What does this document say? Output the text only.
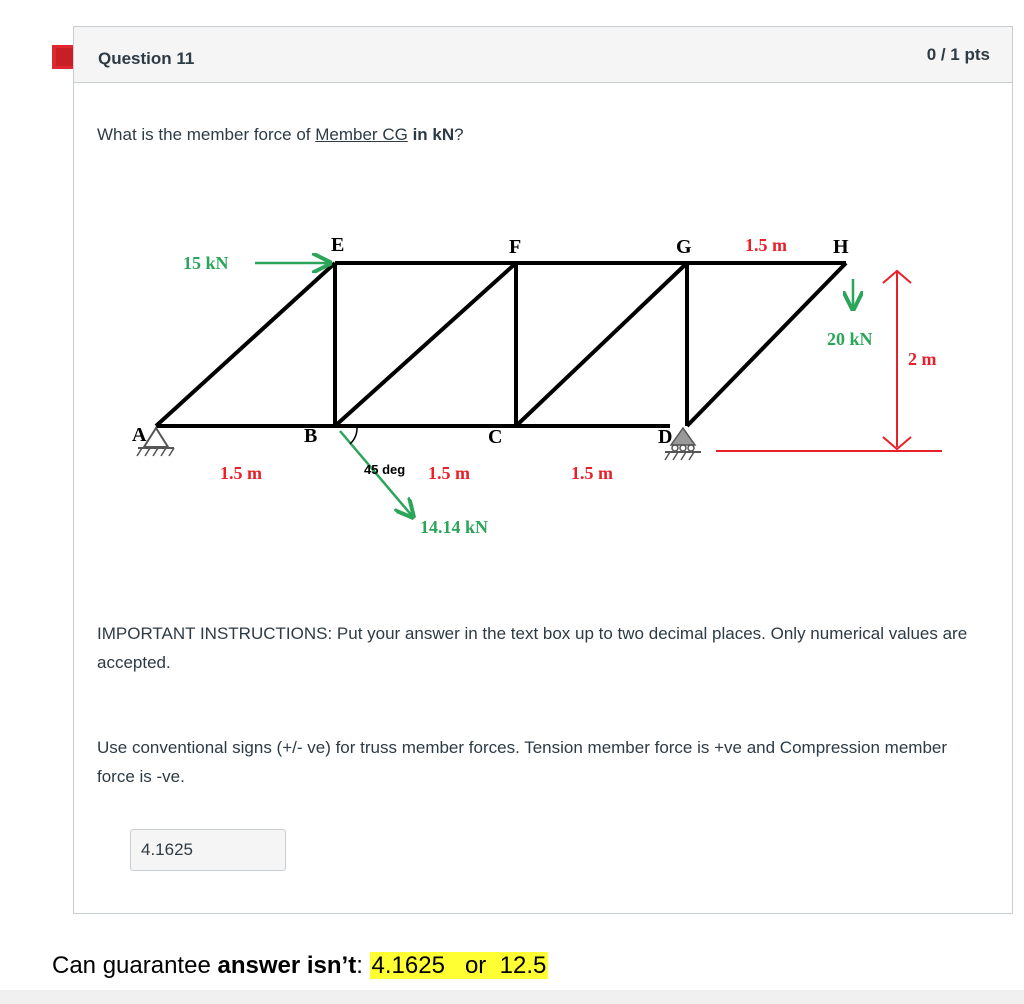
Question 11	0 / 1 pts
What is the member force of Member CG in kN?
A	B	C	D
E	F	G	H
1.5 m	1.5 m	1.5 m
1.5 m
2 m
15 kN
20 kN
14.14 kN
45 deg
IMPORTANT INSTRUCTIONS: Put your answer in the text box up to two decimal places. Only numerical values are accepted.
Use conventional signs (+/- ve) for truss member forces. Tension member force is +ve and Compression member force is -ve.
4.1625
Can guarantee answer isn’t: 4.1625 or 12.5
